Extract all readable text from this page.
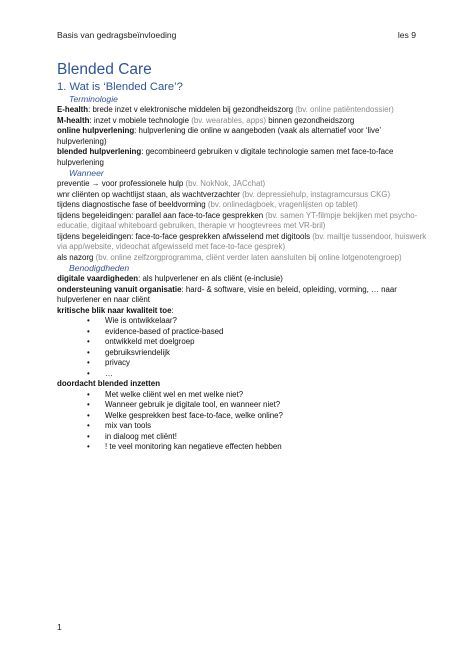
Basis van gedragsbeïnvloeding	les 9
Blended Care
1. Wat is ‘Blended Care’?
Terminologie

E-health: brede inzet v elektronische middelen bij gezondheidszorg (bv. online patiëntendossier)

M-health: inzet v mobiele technologie (bv. wearables, apps) binnen gezondheidszorg

online hulpverlening: hulpverlening die online w aangeboden (vaak als alternatief voor ‘live’ hulpverlening)

blended hulpverlening: gecombineerd gebruiken v digitale technologie samen met face-to-face hulpverlening

Wanneer

preventie → voor professionele hulp (bv. NokNok, JACchat)

wnr cliënten op wachtlijst staan, als wachtverzachter (bv. depressiehulp, instagramcursus CKG)

tijdens diagnostische fase of beeldvorming (bv. onlinedagboek, vragenlijsten op tablet)

tijdens begeleidingen: parallel aan face-to-face gesprekken (bv. samen YT-filmpje bekijken met psycho-educatie, digitaal whiteboard gebruiken, therapie vr hoogtevrees met VR-bril)

tijdens begeleidingen: face-to-face gesprekken afwisselend met digitools (bv. mailtje tussendoor, huiswerk via app/website, videochat afgewisseld met face-to-face gesprek)

als nazorg (bv. online zelfzorgprogramma, cliënt verder laten aansluiten bij online lotgenotengroep)

Benodigdheden

digitale vaardigheden: als hulpverlener en als cliënt (e-inclusie)

ondersteuning vanuit organisatie: hard- & software, visie en beleid, opleiding, vorming, … naar hulpverlener en naar cliënt

kritische blik naar kwaliteit toe:

• Wie is ontwikkelaar?
• evidence-based of practice-based
• ontwikkeld met doelgroep
• gebruiksvriendelijk
• privacy
• …

doordacht blended inzetten

• Met welke cliënt wel en met welke niet?
• Wanneer gebruik je digitale tool, en wanneer niet?
• Welke gesprekken best face-to-face, welke online?
• mix van tools
• in dialoog met cliënt!
• ! te veel monitoring kan negatieve effecten hebben
1
